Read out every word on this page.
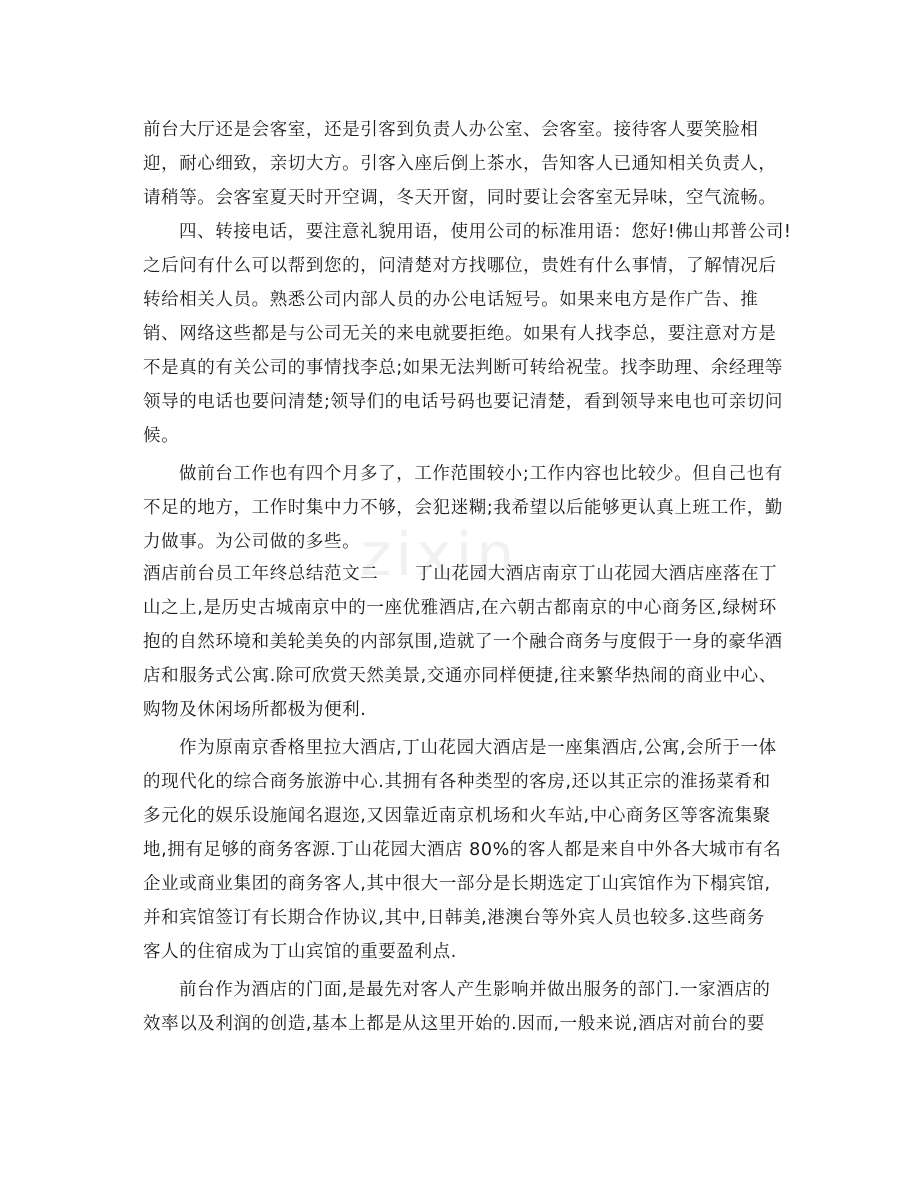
前台大厅还是会客室，还是引客到负责人办公室、会客室。接待客人要笑脸相
迎，耐心细致，亲切大方。引客入座后倒上茶水，告知客人已通知相关负责人，
请稍等。会客室夏天时开空调，冬天开窗，同时要让会客室无异味，空气流畅。
四、转接电话，要注意礼貌用语，使用公司的标准用语：您好!佛山邦普公司!
之后问有什么可以帮到您的，问清楚对方找哪位，贵姓有什么事情，了解情况后
转给相关人员。熟悉公司内部人员的办公电话短号。如果来电方是作广告、推
销、网络这些都是与公司无关的来电就要拒绝。如果有人找李总，要注意对方是
不是真的有关公司的事情找李总;如果无法判断可转给祝莹。找李助理、余经理等
领导的电话也要问清楚;领导们的电话号码也要记清楚，看到领导来电也可亲切问
候。
做前台工作也有四个月多了，工作范围较小;工作内容也比较少。但自己也有
不足的地方，工作时集中力不够，会犯迷糊;我希望以后能够更认真上班工作，勤
力做事。为公司做的多些。
酒店前台员工年终总结范文二      丁山花园大酒店南京丁山花园大酒店座落在丁
山之上,是历史古城南京中的一座优雅酒店,在六朝古都南京的中心商务区,绿树环
抱的自然环境和美轮美奂的内部氛围,造就了一个融合商务与度假于一身的豪华酒
店和服务式公寓.除可欣赏天然美景,交通亦同样便捷,往来繁华热闹的商业中心、
购物及休闲场所都极为便利.
作为原南京香格里拉大酒店,丁山花园大酒店是一座集酒店,公寓,会所于一体
的现代化的综合商务旅游中心.其拥有各种类型的客房,还以其正宗的淮扬菜肴和
多元化的娱乐设施闻名遐迩,又因靠近南京机场和火车站,中心商务区等客流集聚
地,拥有足够的商务客源.丁山花园大酒店 80%的客人都是来自中外各大城市有名
企业或商业集团的商务客人,其中很大一部分是长期选定丁山宾馆作为下榻宾馆,
并和宾馆签订有长期合作协议,其中,日韩美,港澳台等外宾人员也较多.这些商务
客人的住宿成为丁山宾馆的重要盈利点.
前台作为酒店的门面,是最先对客人产生影响并做出服务的部门.一家酒店的
效率以及利润的创造,基本上都是从这里开始的.因而,一般来说,酒店对前台的要
zixin
